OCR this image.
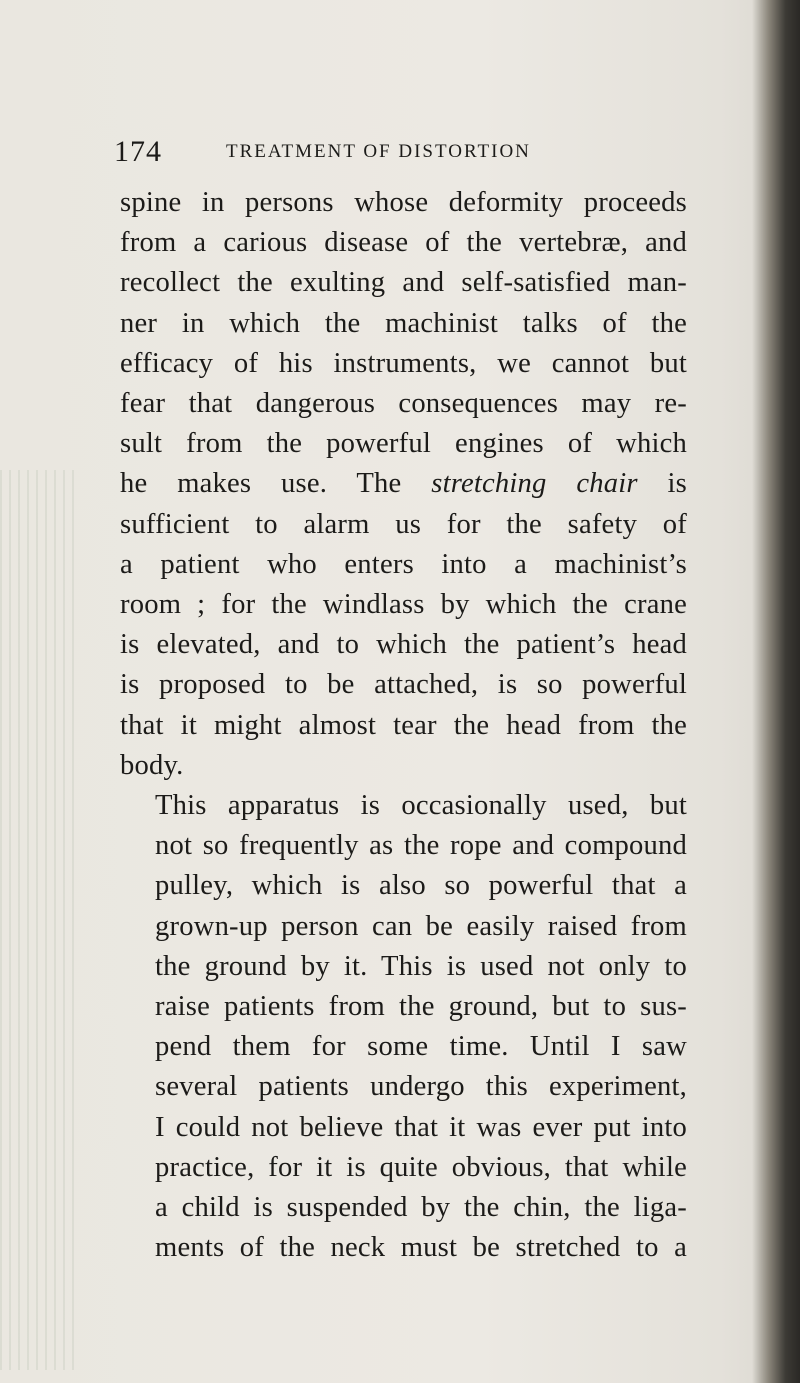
174	TREATMENT OF DISTORTION

spine in persons whose deformity proceeds
from a carious disease of the vertebræ, and
recollect the exulting and self-satisfied man-
ner in which the machinist talks of the
efficacy of his instruments, we cannot but
fear that dangerous consequences may re-
sult from the powerful engines of which
he makes use. The stretching chair is
sufficient to alarm us for the safety of
a patient who enters into a machinist’s
room ; for the windlass by which the crane
is elevated, and to which the patient’s head
is proposed to be attached, is so powerful
that it might almost tear the head from the
body.

This apparatus is occasionally used, but
not so frequently as the rope and compound
pulley, which is also so powerful that a
grown-up person can be easily raised from
the ground by it. This is used not only to
raise patients from the ground, but to sus-
pend them for some time. Until I saw
several patients undergo this experiment,
I could not believe that it was ever put into
practice, for it is quite obvious, that while
a child is suspended by the chin, the liga-
ments of the neck must be stretched to a
